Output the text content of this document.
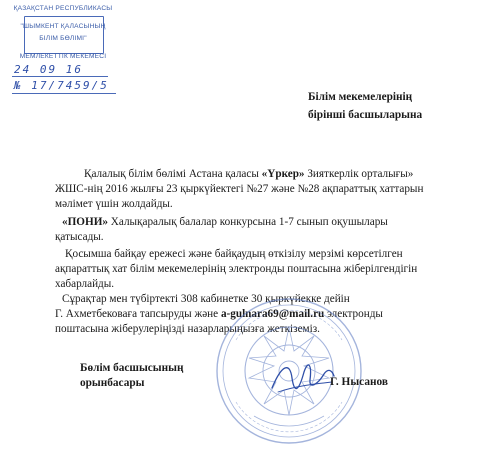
ҚАЗАҚСТАН РЕСПУБЛИКАСЫ
"ШЫМКЕНТ ҚАЛАСЫНЫҢ
БІЛІМ БӨЛІМІ"
МЕМЛЕКЕТТІК МЕКЕМЕСІ
24 09 16
№ 17/7459/5
Білім мекемелерінің
бірінші басшыларына
Қалалық білім бөлімі Астана қаласы «Үркер» Зияткерлік орталығы»
ЖШС-нің 2016 жылғы 23 қыркүйектегі №27 және №28 ақпараттық хаттарын
мәлімет үшін жолдайды.
«ПОНИ» Халықаралық балалар конкурсына 1-7 сынып оқушылары
қатысады.
Қосымша байқау ережесі және байқаудың өткізілу мерзімі көрсетілген
ақпараттық хат білім мекемелерінің электронды поштасына жіберілгендігін
хабарлайды.
Сұрақтар мен түбіртекті 308 кабинетке 30 қыркүйекке дейін
Г. Ахметбековаға тапсыруды және a-gulnara69@mail.ru электронды
поштасына жіберулеріңізді назарларыңызға жеткіземіз.
Бөлім басшысының
орынбасары	Г. Нысанов
